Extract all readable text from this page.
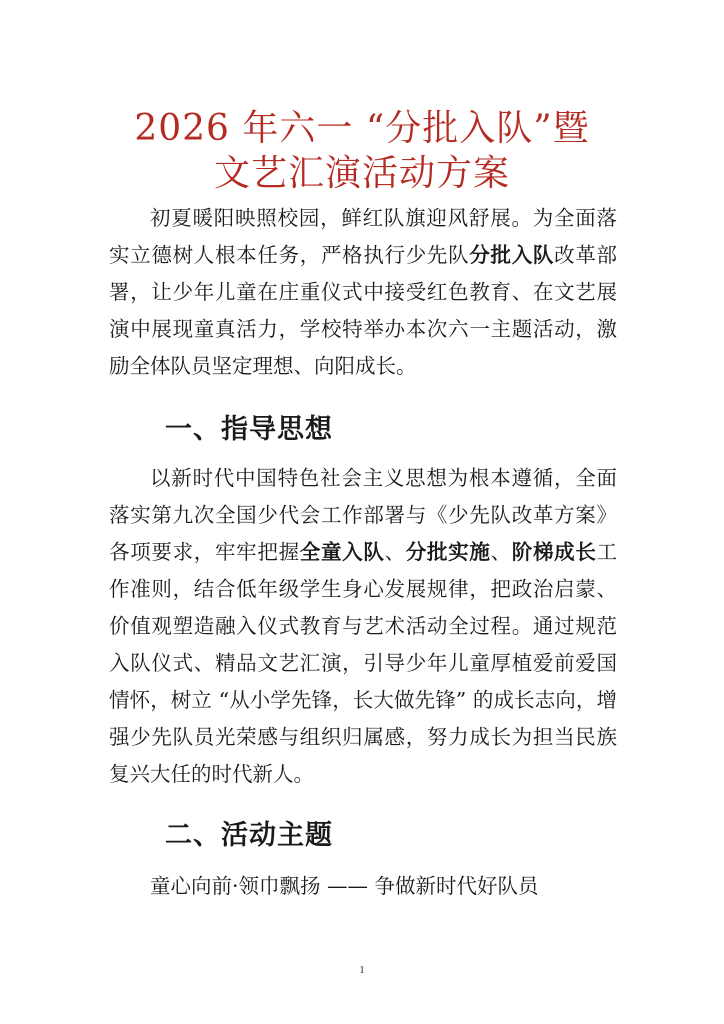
2026 年六一 “分批入队”暨
文艺汇演活动方案
初夏暖阳映照校园，鲜红队旗迎风舒展。为全面落实立德树人根本任务，严格执行少先队分批入队改革部署，让少年儿童在庄重仪式中接受红色教育、在文艺展演中展现童真活力，学校特举办本次六一主题活动，激励全体队员坚定理想、向阳成长。
一、指导思想
以新时代中国特色社会主义思想为根本遵循，全面落实第九次全国少代会工作部署与《少先队改革方案》各项要求，牢牢把握全童入队、分批实施、阶梯成长工作准则，结合低年级学生身心发展规律，把政治启蒙、价值观塑造融入仪式教育与艺术活动全过程。通过规范入队仪式、精品文艺汇演，引导少年儿童厚植爱前爱国情怀，树立 “从小学先锋，长大做先锋” 的成长志向，增强少先队员光荣感与组织归属感，努力成长为担当民族复兴大任的时代新人。
二、活动主题
童心向前·领巾飘扬 —— 争做新时代好队员
1
